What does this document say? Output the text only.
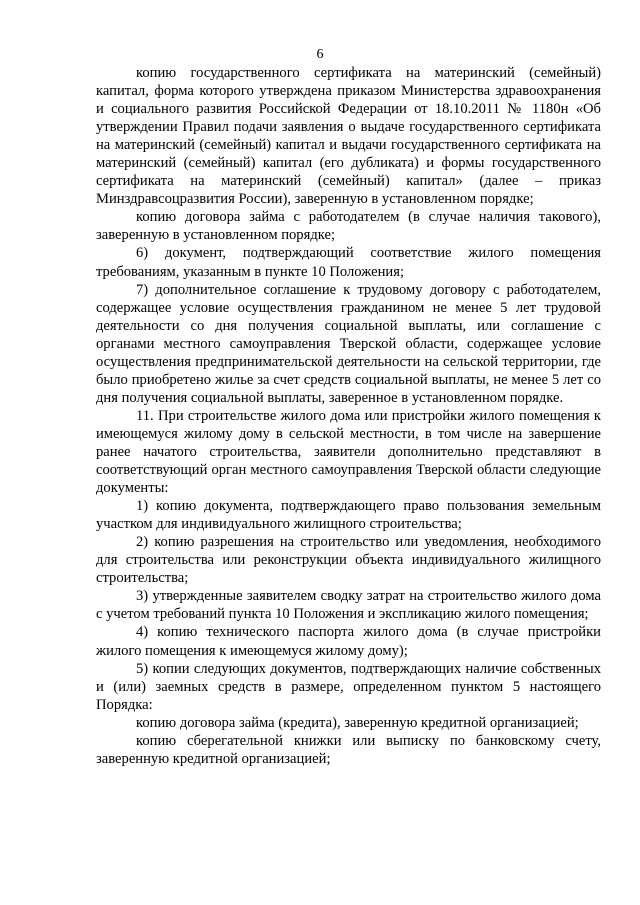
6

копию государственного сертификата на материнский (семейный) капитал, форма которого утверждена приказом Министерства здравоохранения и социального развития Российской Федерации от 18.10.2011 № 1180н «Об утверждении Правил подачи заявления о выдаче государственного сертификата на материнский (семейный) капитал и выдачи государственного сертификата на материнский (семейный) капитал (его дубликата) и формы государственного сертификата на материнский (семейный) капитал» (далее – приказ Минздравсоцразвития России), заверенную в установленном порядке;

копию договора займа с работодателем (в случае наличия такового), заверенную в установленном порядке;

6) документ, подтверждающий соответствие жилого помещения требованиям, указанным в пункте 10 Положения;

7) дополнительное соглашение к трудовому договору с работодателем, содержащее условие осуществления гражданином не менее 5 лет трудовой деятельности со дня получения социальной выплаты, или соглашение с органами местного самоуправления Тверской области, содержащее условие осуществления предпринимательской деятельности на сельской территории, где было приобретено жилье за счет средств социальной выплаты, не менее 5 лет со дня получения социальной выплаты, заверенное в установленном порядке.

11. При строительстве жилого дома или пристройки жилого помещения к имеющемуся жилому дому в сельской местности, в том числе на завершение ранее начатого строительства, заявители дополнительно представляют в соответствующий орган местного самоуправления Тверской области следующие документы:

1) копию документа, подтверждающего право пользования земельным участком для индивидуального жилищного строительства;

2) копию разрешения на строительство или уведомления, необходимого для строительства или реконструкции объекта индивидуального жилищного строительства;

3) утвержденные заявителем сводку затрат на строительство жилого дома с учетом требований пункта 10 Положения и экспликацию жилого помещения;

4) копию технического паспорта жилого дома (в случае пристройки жилого помещения к имеющемуся жилому дому);

5) копии следующих документов, подтверждающих наличие собственных и (или) заемных средств в размере, определенном пунктом 5 настоящего Порядка:

копию договора займа (кредита), заверенную кредитной организацией;

копию сберегательной книжки или выписку по банковскому счету, заверенную кредитной организацией;
